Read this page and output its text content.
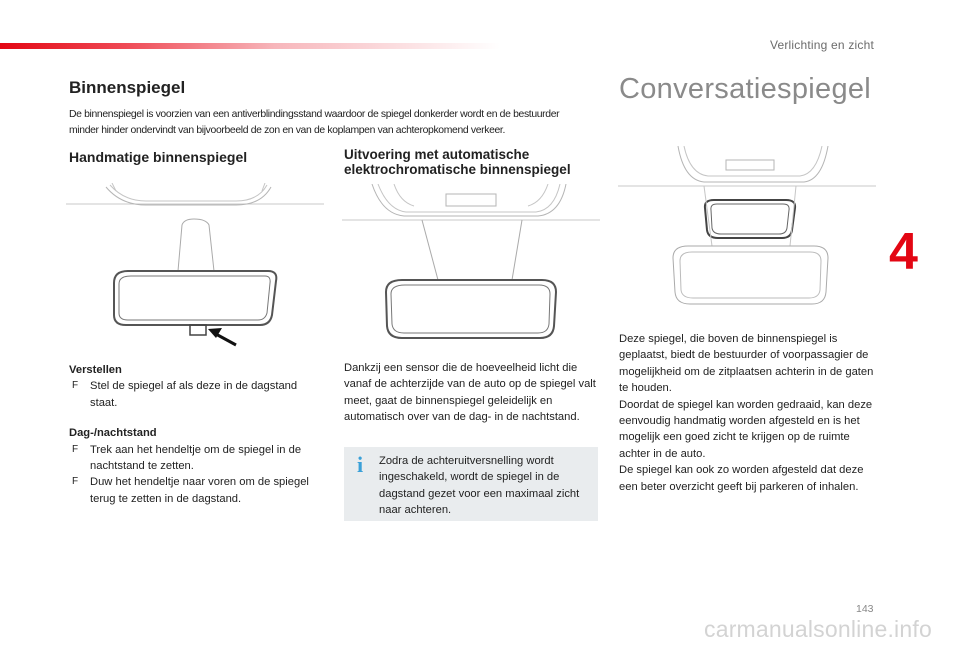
Verlichting en zicht
4
Binnenspiegel
De binnenspiegel is voorzien van een antiverblindingsstand waardoor de spiegel donkerder wordt en de bestuurder
minder hinder ondervindt van bijvoorbeeld de zon en van de koplampen van achteropkomend verkeer.
Handmatige binnenspiegel
Verstellen
F Stel de spiegel af als deze in de dagstand staat.
Dag-/nachtstand
F Trek aan het hendeltje om de spiegel in de nachtstand te zetten.
F Duw het hendeltje naar voren om de spiegel terug te zetten in de dagstand.
Uitvoering met automatische
elektrochromatische binnenspiegel
Dankzij een sensor die de hoeveelheid licht die vanaf de achterzijde van de auto op de spiegel valt meet, gaat de binnenspiegel geleidelijk en automatisch over van de dag- in de nachtstand.
i Zodra de achteruitversnelling wordt ingeschakeld, wordt de spiegel in de dagstand gezet voor een maximaal zicht naar achteren.
Conversatiespiegel
Deze spiegel, die boven de binnenspiegel is geplaatst, biedt de bestuurder of voorpassagier de mogelijkheid om de zitplaatsen achterin in de gaten te houden.
Doordat de spiegel kan worden gedraaid, kan deze eenvoudig handmatig worden afgesteld en is het mogelijk een goed zicht te krijgen op de ruimte achter in de auto.
De spiegel kan ook zo worden afgesteld dat deze een beter overzicht geeft bij parkeren of inhalen.
143
carmanualsonline.info
